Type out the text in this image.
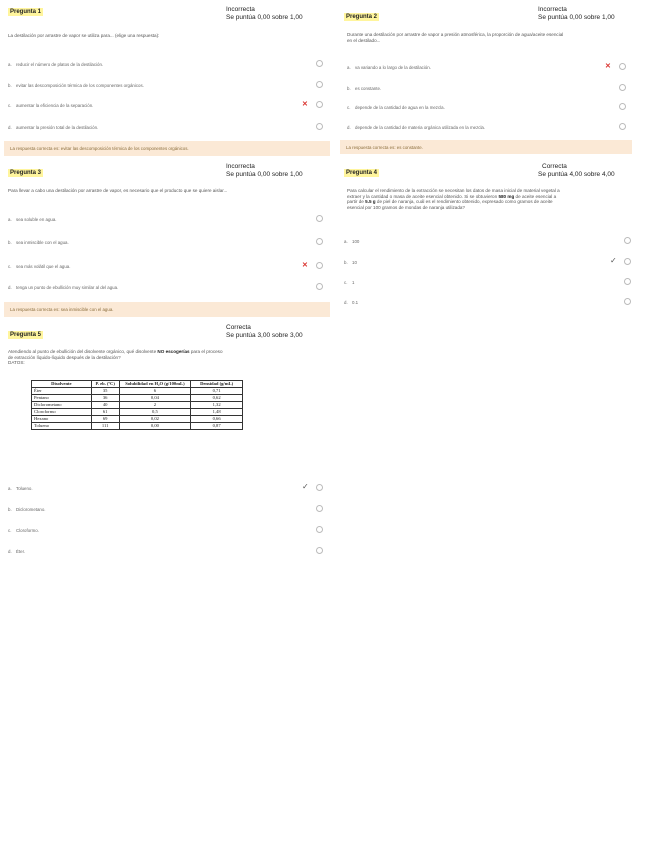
Pregunta 1	Incorrecta
Se puntúa 0,00 sobre 1,00
La destilación por arrastre de vapor se utiliza para... (elige una respuesta):
a. reducir el número de platos de la destilación.
b. evitar las descomposición térmica de los componentes orgánicos.
c.	aumentar la eficiencia de la separación.	✕
d. aumentar la presión total de la destilación.
La respuesta correcta es: evitar las descomposición térmica de los componentes orgánicos.
Pregunta 2
Incorrecta
Se puntúa 0,00 sobre 1,00
Durante una destilación por arrastre de vapor a presión atmosférica, la proporción de agua/aceite esencial
en el destilado...
a. va variando a lo largo de la destilación.	✕
b. es constante.
c.	depende de la cantidad de agua en la mezcla.
d. depende de la cantidad de materia orgánica utilizada en la mezcla.
La respuesta correcta es: es constante.
Pregunta 3
Incorrecta
Se puntúa 0,00 sobre 1,00
Para llevar a cabo una destilación por arrastre de vapor, es necesario que el producto que se quiere aislar...
a. sea soluble en agua.
b. sea inmiscible con el agua.
c.	sea más volátil que el agua.	✕
d. tenga un punto de ebullición muy similar al del agua.
La respuesta correcta es: sea inmiscible con el agua.
Pregunta 4
Correcta
Se puntúa 4,00 sobre 4,00
Para calcular el rendimiento de la extracción se necesitan los datos de masa inicial de material vegetal a
extraer y la cantidad o masa de aceite esencial obtenido. Si se obtuvieron 580 mg de aceite esencial a
partir de 5.5 g de piel de naranja, cuál es el rendimiento obtenido, expresado como gramos de aceite
esencial por 100 gramos de mondas de naranja utilizada?
a. 100
b. 10	✓
c.	1
d. 0.1
Pregunta 5
Correcta
Se puntúa 3,00 sobre 3,00
Atendiendo al punto de ebullición del disolvente orgánico, qué disolvente NO escogerías para el proceso
de extracción líquido-líquido después de la destilación?
DATOS:
Disolvente	P. eb. (ºC)	Solubilidad en H₂O (g/100mL)	Densidad (g/mL)
Éter	35	6	0,71
Pentano	36	0,04	0,62
Diclorometano	40	2	1,32
Cloroformo	61	0,5	1,48
Hexano	69	0,02	0,66
Tolueno	111	0,00	0,87
a. Tolueno.	✓
b. Diclorometano.
c.	Cloroformo.
d. Éter.
